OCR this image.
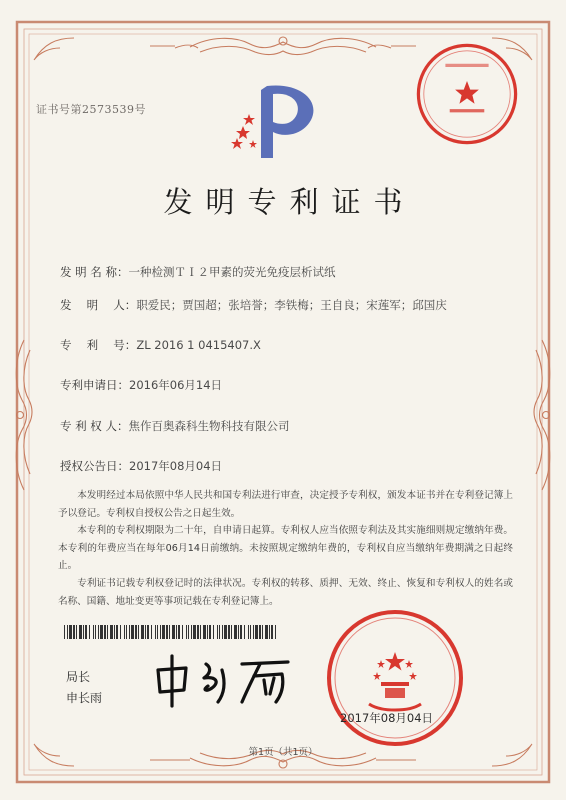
证书号第2573539号
发明专利证书
发 明 名 称：一种检测ＴＩ２甲素的荧光免疫层析试纸
发　 明　 人：职爱民；贾国超；张培誉；李铁梅；王自良；宋莲军；邱国庆
专　 利　 号：ZL 2016 1 0415407.X
专利申请日：2016年06月14日
专 利 权 人：焦作百奥森科生物科技有限公司
授权公告日：2017年08月04日

本发明经过本局依照中华人民共和国专利法进行审查，决定授予专利权，颁发本证书并在专利登记簿上予以登记。专利权自授权公告之日起生效。

本专利的专利权期限为二十年，自申请日起算。专利权人应当依照专利法及其实施细则规定缴纳年费。本专利的年费应当在每年06月14日前缴纳。未按照规定缴纳年费的，专利权自应当缴纳年费期满之日起终止。

专利证书记载专利权登记时的法律状况。专利权的转移、质押、无效、终止、恢复和专利权人的姓名或名称、国籍、地址变更等事项记载在专利登记簿上。

局长
申长雨
2017年08月04日
第1页（共1页）
